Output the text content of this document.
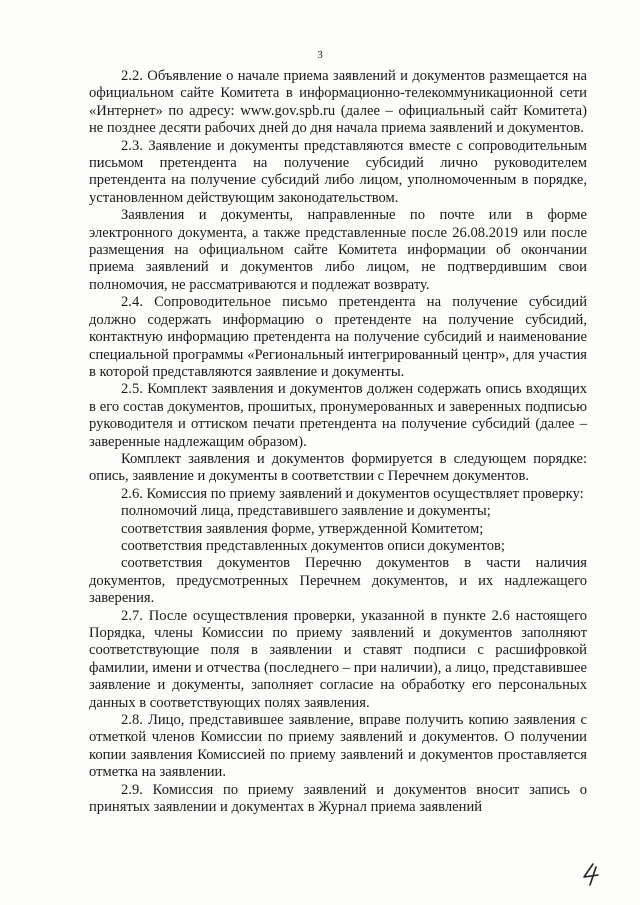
3

2.2. Объявление о начале приема заявлений и документов размещается на официальном сайте Комитета в информационно-телекоммуникационной сети «Интернет» по адресу: www.gov.spb.ru (далее – официальный сайт Комитета) не позднее десяти рабочих дней до дня начала приема заявлений и документов.

2.3. Заявление и документы представляются вместе с сопроводительным письмом претендента на получение субсидий лично руководителем претендента на получение субсидий либо лицом, уполномоченным в порядке, установленном действующим законодательством.

Заявления и документы, направленные по почте или в форме электронного документа, а также представленные после 26.08.2019 или после размещения на официальном сайте Комитета информации об окончании приема заявлений и документов либо лицом, не подтвердившим свои полномочия, не рассматриваются и подлежат возврату.

2.4. Сопроводительное письмо претендента на получение субсидий должно содержать информацию о претенденте на получение субсидий, контактную информацию претендента на получение субсидий и наименование специальной программы «Региональный интегрированный центр», для участия в которой представляются заявление и документы.

2.5. Комплект заявления и документов должен содержать опись входящих в его состав документов, прошитых, пронумерованных и заверенных подписью руководителя и оттиском печати претендента на получение субсидий (далее – заверенные надлежащим образом).

Комплект заявления и документов формируется в следующем порядке: опись, заявление и документы в соответствии с Перечнем документов.

2.6. Комиссия по приему заявлений и документов осуществляет проверку:

полномочий лица, представившего заявление и документы;

соответствия заявления форме, утвержденной Комитетом;

соответствия представленных документов описи документов;

соответствия документов Перечню документов в части наличия документов, предусмотренных Перечнем документов, и их надлежащего заверения.

2.7. После осуществления проверки, указанной в пункте 2.6 настоящего Порядка, члены Комиссии по приему заявлений и документов заполняют соответствующие поля в заявлении и ставят подписи с расшифровкой фамилии, имени и отчества (последнего – при наличии), а лицо, представившее заявление и документы, заполняет согласие на обработку его персональных данных в соответствующих полях заявления.

2.8. Лицо, представившее заявление, вправе получить копию заявления с отметкой членов Комиссии по приему заявлений и документов. О получении копии заявления Комиссией по приему заявлений и документов проставляется отметка на заявлении.

2.9. Комиссия по приему заявлений и документов вносит запись о принятых заявлении и документах в Журнал приема заявлений
